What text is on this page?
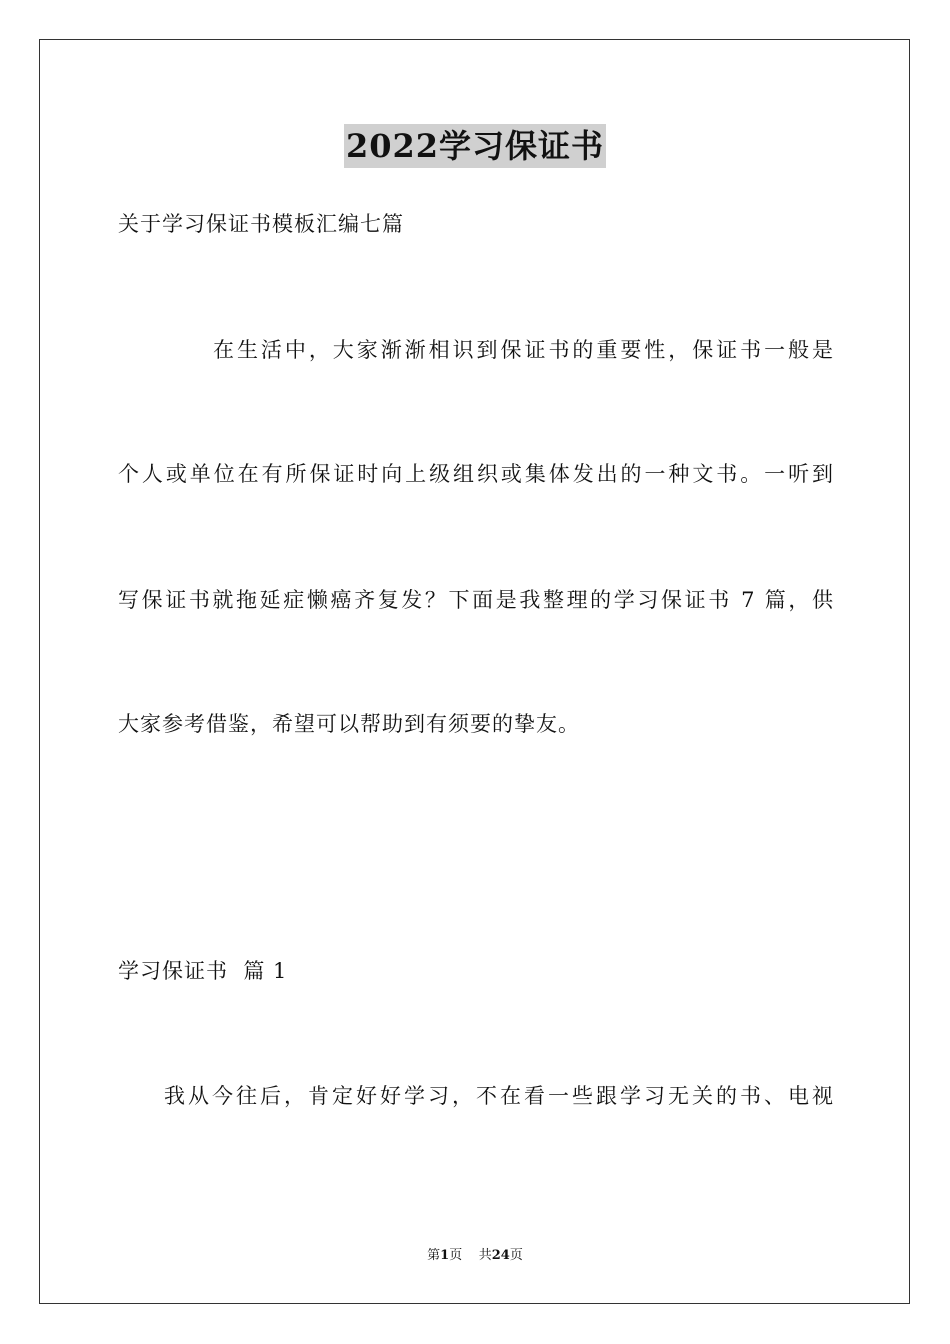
2022学习保证书
关于学习保证书模板汇编七篇
在生活中，大家渐渐相识到保证书的重要性，保证书一般是
个人或单位在有所保证时向上级组织或集体发出的一种文书。一听到
写保证书就拖延症懒癌齐复发？下面是我整理的学习保证书 7 篇，供
大家参考借鉴，希望可以帮助到有须要的挚友。
学习保证书  篇 1
我从今往后，肯定好好学习，不在看一些跟学习无关的书、电视
第1页 共24页
